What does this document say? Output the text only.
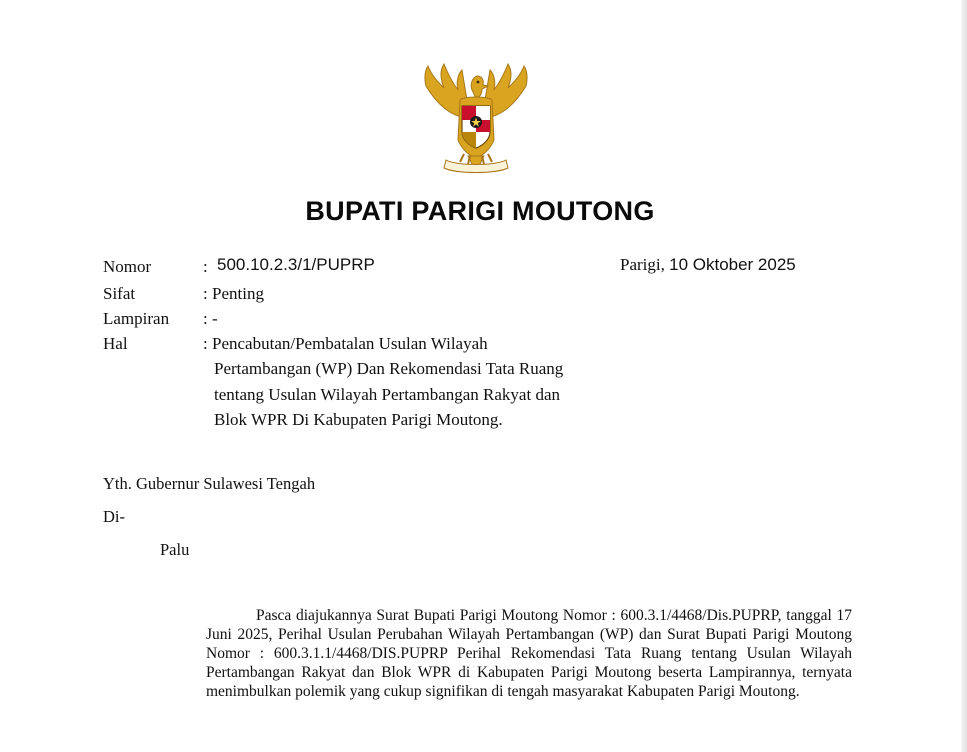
BUPATI PARIGI MOUTONG
Nomor	: 500.10.2.3/1/PUPRP	Parigi, 10 Oktober 2025
Sifat	: Penting
Lampiran : -
Hal	: Pencabutan/Pembatalan Usulan Wilayah
Pertambangan (WP) Dan Rekomendasi Tata Ruang
tentang Usulan Wilayah Pertambangan Rakyat dan
Blok WPR Di Kabupaten Parigi Moutong.
Yth. Gubernur Sulawesi Tengah
Di-
Palu
Pasca diajukannya Surat Bupati Parigi Moutong Nomor : 600.3.1/4468/Dis.PUPRP, tanggal 17 Juni 2025, Perihal Usulan Perubahan Wilayah Pertambangan (WP) dan Surat Bupati Parigi Moutong Nomor : 600.3.1.1/4468/DIS.PUPRP Perihal Rekomendasi Tata Ruang tentang Usulan Wilayah Pertambangan Rakyat dan Blok WPR di Kabupaten Parigi Moutong beserta Lampirannya, ternyata menimbulkan polemik yang cukup signifikan di tengah masyarakat Kabupaten Parigi Moutong.
